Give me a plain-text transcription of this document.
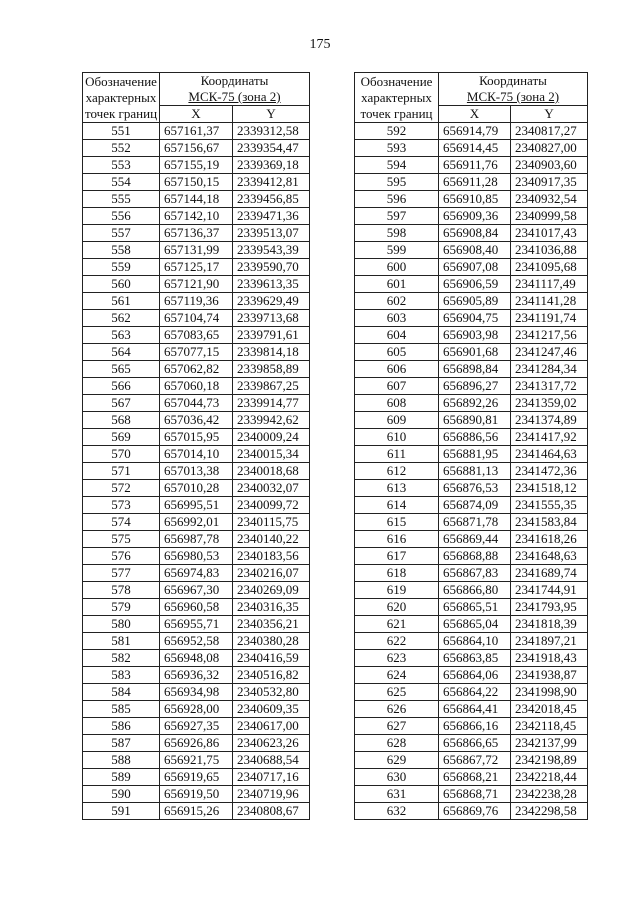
175
Обозначение
характерных
точек границ	Координаты	
	МСК-75 (зона 2)	
	X	Y
551	657161,37	2339312,58
552	657156,67	2339354,47
553	657155,19	2339369,18
554	657150,15	2339412,81
555	657144,18	2339456,85
556	657142,10	2339471,36
557	657136,37	2339513,07
558	657131,99	2339543,39
559	657125,17	2339590,70
560	657121,90	2339613,35
561	657119,36	2339629,49
562	657104,74	2339713,68
563	657083,65	2339791,61
564	657077,15	2339814,18
565	657062,82	2339858,89
566	657060,18	2339867,25
567	657044,73	2339914,77
568	657036,42	2339942,62
569	657015,95	2340009,24
570	657014,10	2340015,34
571	657013,38	2340018,68
572	657010,28	2340032,07
573	656995,51	2340099,72
574	656992,01	2340115,75
575	656987,78	2340140,22
576	656980,53	2340183,56
577	656974,83	2340216,07
578	656967,30	2340269,09
579	656960,58	2340316,35
580	656955,71	2340356,21
581	656952,58	2340380,28
582	656948,08	2340416,59
583	656936,32	2340516,82
584	656934,98	2340532,80
585	656928,00	2340609,35
586	656927,35	2340617,00
587	656926,86	2340623,26
588	656921,75	2340688,54
589	656919,65	2340717,16
590	656919,50	2340719,96
591	656915,26	2340808,67
Обозначение
характерных
точек границ	Координаты	
	МСК-75 (зона 2)	
	X	Y
592	656914,79	2340817,27
593	656914,45	2340827,00
594	656911,76	2340903,60
595	656911,28	2340917,35
596	656910,85	2340932,54
597	656909,36	2340999,58
598	656908,84	2341017,43
599	656908,40	2341036,88
600	656907,08	2341095,68
601	656906,59	2341117,49
602	656905,89	2341141,28
603	656904,75	2341191,74
604	656903,98	2341217,56
605	656901,68	2341247,46
606	656898,84	2341284,34
607	656896,27	2341317,72
608	656892,26	2341359,02
609	656890,81	2341374,89
610	656886,56	2341417,92
611	656881,95	2341464,63
612	656881,13	2341472,36
613	656876,53	2341518,12
614	656874,09	2341555,35
615	656871,78	2341583,84
616	656869,44	2341618,26
617	656868,88	2341648,63
618	656867,83	2341689,74
619	656866,80	2341744,91
620	656865,51	2341793,95
621	656865,04	2341818,39
622	656864,10	2341897,21
623	656863,85	2341918,43
624	656864,06	2341938,87
625	656864,22	2341998,90
626	656864,41	2342018,45
627	656866,16	2342118,45
628	656866,65	2342137,99
629	656867,72	2342198,89
630	656868,21	2342218,44
631	656868,71	2342238,28
632	656869,76	2342298,58
